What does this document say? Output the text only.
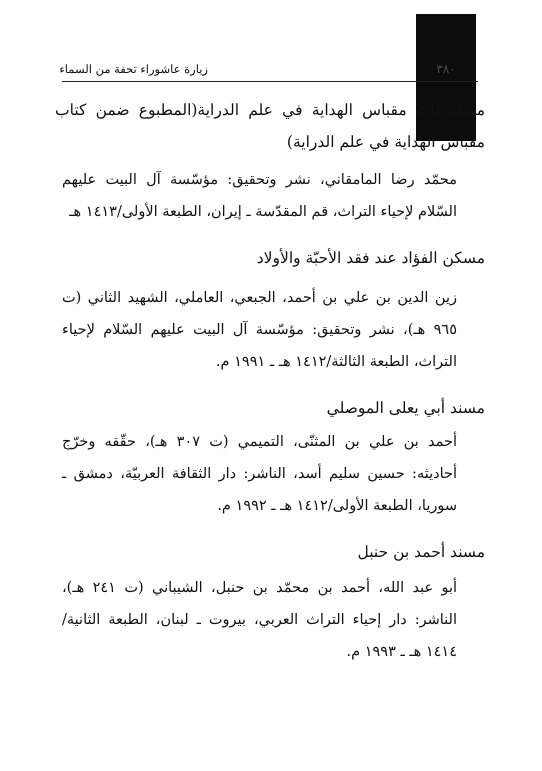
٣٨٠
زيارة عاشوراء تحفة من السماء
مستدركات مقباس الهداية في علم الدراية(المطبوع ضمن كتاب مقباس الهداية في علم الدراية)
محمّد رضا المامقاني، نشر وتحقيق: مؤسّسة آل البيت عليهم السّلام لإحياء التراث، قم المقدّسة ـ إيران، الطبعة الأولى/١٤١٣ هـ
مسكن الفؤاد عند فقد الأحبّة والأولاد
زين الدين بن علي بن أحمد، الجبعي، العاملي، الشهيد الثاني (ت ٩٦٥ هـ)، نشر وتحقيق: مؤسّسة آل البيت عليهم السّلام لإحياء التراث، الطبعة الثالثة/١٤١٢ هـ ـ ١٩٩١ م.
مسند أبي يعلى الموصلي
أحمد بن علي بن المثنّى، التميمي (ت ٣٠٧ هـ)، حقّقه وخرّج أحاديثه: حسين سليم أسد، الناشر: دار الثقافة العربيّة، دمشق ـ سوريا، الطبعة الأولى/١٤١٢ هـ ـ ١٩٩٢ م.
مسند أحمد بن حنبل
أبو عبد الله، أحمد بن محمّد بن حنبل، الشيباني (ت ٢٤١ هـ)، الناشر: دار إحياء التراث العربي، بيروت ـ لبنان، الطبعة الثانية/١٤١٤ هـ ـ ١٩٩٣ م.
